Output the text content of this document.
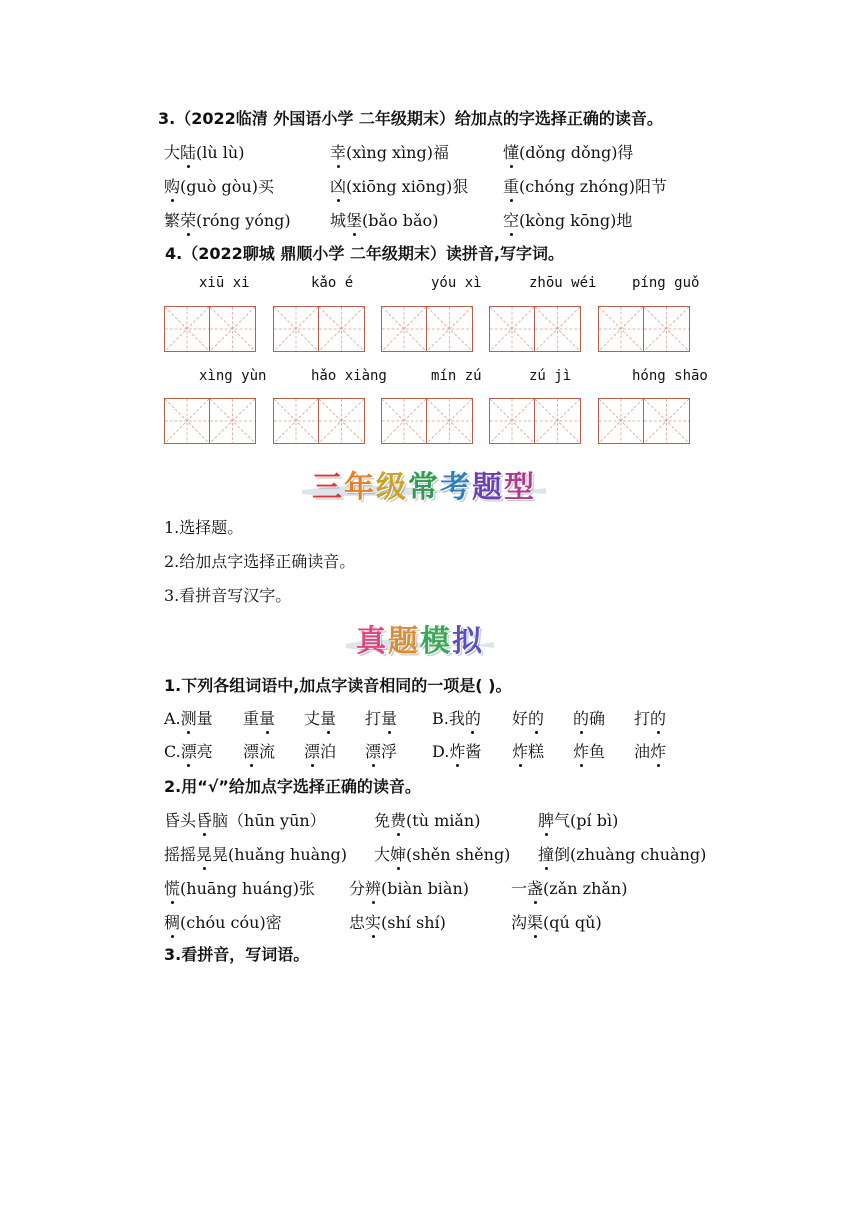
3.（2022临清 外国语小学 二年级期末）给加点的字选择正确的读音。
大陆(lù lù)	幸(xìng xìng)福	懂(dǒng dǒng)得
购(guò gòu)买	凶(xiōng xiōng)狠 重(chóng zhóng)阳节
繁荣(róng yóng) 城堡(bǎo bǎo)	空(kòng kōng)地
4.（2022聊城 鼎顺小学 二年级期末）读拼音,写字词。
xiū xi	kǎo é	yóu xì	zhōu wéi	píng guǒ
xìng yùn	hǎo xiàng	mín zú	zú jì	hóng shāo
三 年 级 常 考 题 型
1.选择题。
2.给加点字选择正确读音。
3.看拼音写汉字。
真 题 模 拟
1.下列各组词语中,加点字读音相同的一项是( )。
A.测量 重量 丈量 打量 B.我的 好的 的确 打的
C.漂亮 漂流 漂泊 漂浮 D.炸酱 炸糕 炸鱼 油炸
2.用“√”给加点字选择正确的读音。
昏头昏脑（hūn yūn）	免费(tù miǎn)	脾气(pí bì)
摇摇晃晃(huǎng huàng) 大婶(shěn shěng) 撞倒(zhuàng chuàng)
慌(huāng huáng)张 分辨(biàn biàn)	一盏(zǎn zhǎn)
稠(chóu cóu)密	忠实(shí shí)	沟渠(qú qǔ)
3.看拼音，写词语。
